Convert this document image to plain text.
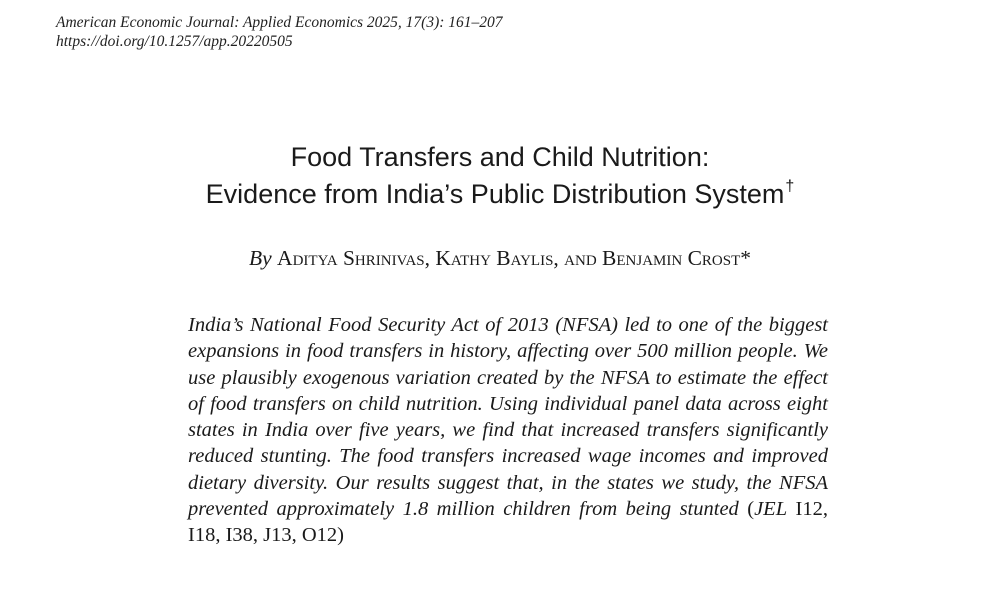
American Economic Journal: Applied Economics 2025, 17(3): 161–207
https://doi.org/10.1257/app.20220505
Food Transfers and Child Nutrition:
Evidence from India’s Public Distribution System†
By Aditya Shrinivas, Kathy Baylis, and Benjamin Crost*

India’s National Food Security Act of 2013 (NFSA) led to one of the biggest expansions in food transfers in history, affecting over 500 million people. We use plausibly exogenous variation created by the NFSA to estimate the effect of food transfers on child nutrition. Using individual panel data across eight states in India over five years, we find that increased transfers significantly reduced stunting. The food transfers increased wage incomes and improved dietary diversity. Our results suggest that, in the states we study, the NFSA prevented approximately 1.8 million children from being stunted (JEL I12, I18, I38, J13, O12)
